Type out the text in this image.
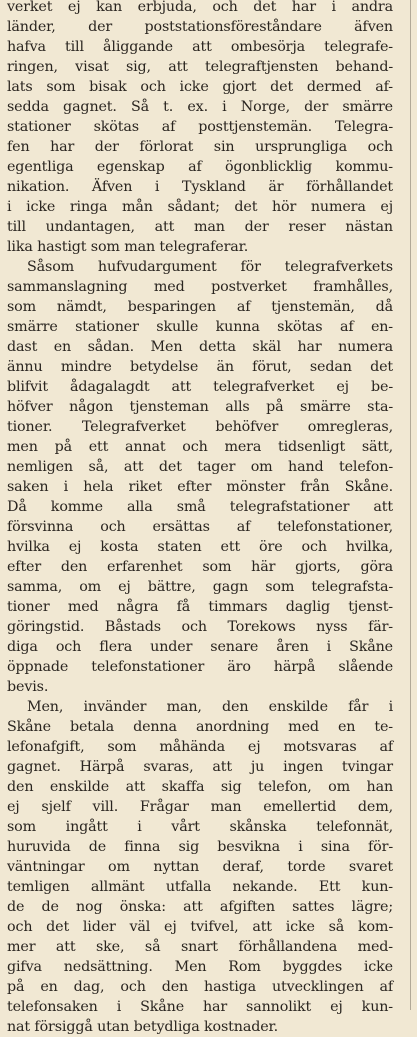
verket ej kan erbjuda, och det har i andra
länder, der poststationsföreståndare äfven
hafva till åliggande att ombesörja telegrafe-
ringen, visat sig, att telegraftjensten behand-
lats som bisak och icke gjort det dermed af-
sedda gagnet. Så t. ex. i Norge, der smärre
stationer skötas af posttjenstemän. Telegra-
fen har der förlorat sin ursprungliga och
egentliga egenskap af ögonblicklig kommu-
nikation. Äfven i Tyskland är förhållandet
i icke ringa mån sådant; det hör numera ej
till undantagen, att man der reser nästan
lika hastigt som man telegraferar.
Såsom hufvudargument för telegrafverkets
sammanslagning med postverket framhålles,
som nämdt, besparingen af tjenstemän, då
smärre stationer skulle kunna skötas af en-
dast en sådan. Men detta skäl har numera
ännu mindre betydelse än förut, sedan det
blifvit ådagalagdt att telegrafverket ej be-
höfver någon tjensteman alls på smärre sta-
tioner. Telegrafverket behöfver omregleras,
men på ett annat och mera tidsenligt sätt,
nemligen så, att det tager om hand telefon-
saken i hela riket efter mönster från Skåne.
Då komme alla små telegrafstationer att
försvinna och ersättas af telefonstationer,
hvilka ej kosta staten ett öre och hvilka,
efter den erfarenhet som här gjorts, göra
samma, om ej bättre, gagn som telegrafsta-
tioner med några få timmars daglig tjenst-
göringstid. Båstads och Torekows nyss fär-
diga och flera under senare åren i Skåne
öppnade telefonstationer äro härpå slående
bevis.
Men, invänder man, den enskilde får i
Skåne betala denna anordning med en te-
lefonafgift, som måhända ej motsvaras af
gagnet. Härpå svaras, att ju ingen tvingar
den enskilde att skaffa sig telefon, om han
ej sjelf vill. Frågar man emellertid dem,
som ingått i vårt skånska telefonnät,
huruvida de finna sig besvikna i sina för-
väntningar om nyttan deraf, torde svaret
temligen allmänt utfalla nekande. Ett kun-
de de nog önska: att afgiften sattes lägre;
och det lider väl ej tvifvel, att icke så kom-
mer att ske, så snart förhållandena med-
gifva nedsättning. Men Rom byggdes icke
på en dag, och den hastiga utvecklingen af
telefonsaken i Skåne har sannolikt ej kun-
nat försiggå utan betydliga kostnader.
